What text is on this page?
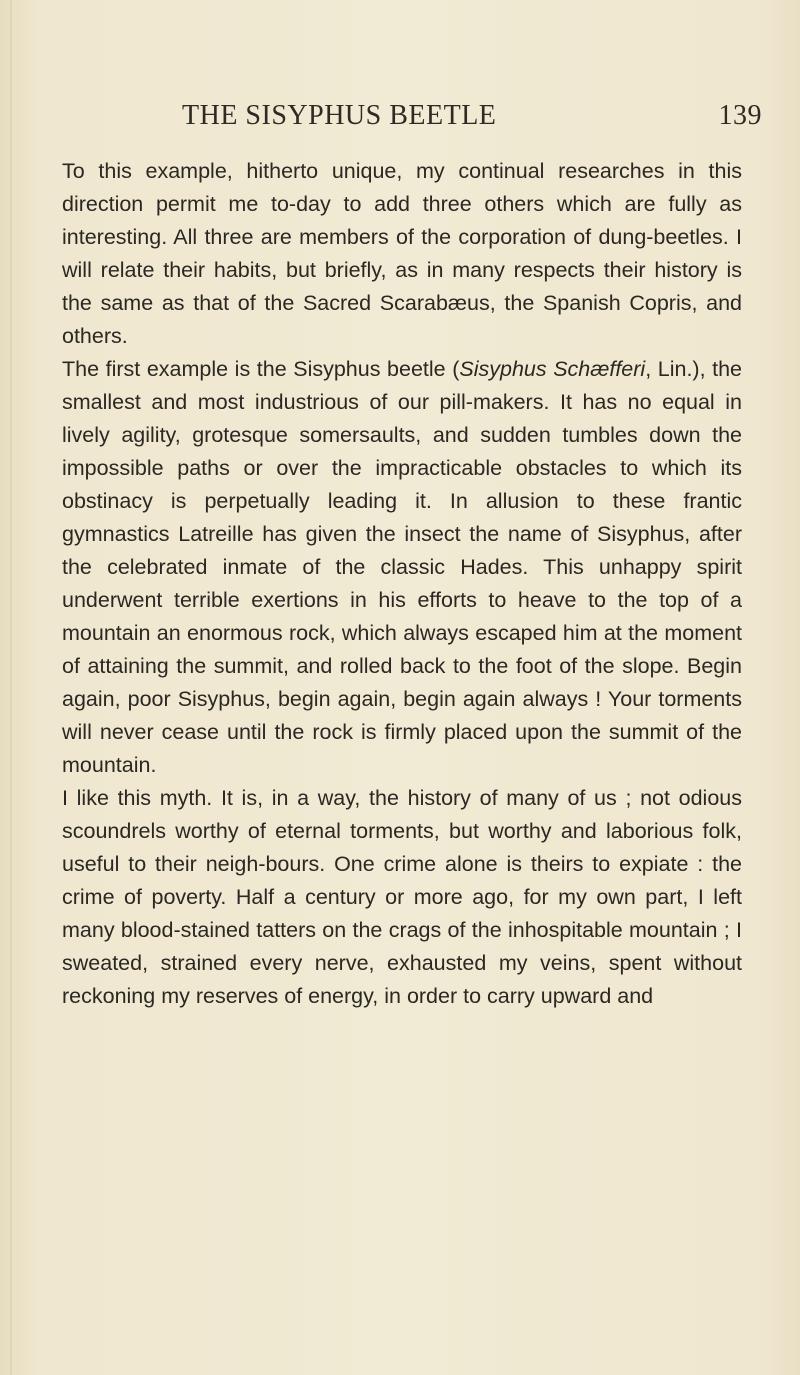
THE SISYPHUS BEETLE	139

To this example, hitherto unique, my continual researches in this direction permit me to-day to add three others which are fully as interesting. All three are members of the corporation of dung-beetles. I will relate their habits, but briefly, as in many respects their history is the same as that of the Sacred Scarabæus, the Spanish Copris, and others.

The first example is the Sisyphus beetle (Sisyphus Schæfferi, Lin.), the smallest and most industrious of our pill-makers. It has no equal in lively agility, grotesque somersaults, and sudden tumbles down the impossible paths or over the impracticable obstacles to which its obstinacy is perpetually leading it. In allusion to these frantic gymnastics Latreille has given the insect the name of Sisyphus, after the celebrated inmate of the classic Hades. This unhappy spirit underwent terrible exertions in his efforts to heave to the top of a mountain an enormous rock, which always escaped him at the moment of attaining the summit, and rolled back to the foot of the slope. Begin again, poor Sisyphus, begin again, begin again always ! Your torments will never cease until the rock is firmly placed upon the summit of the mountain.

I like this myth. It is, in a way, the history of many of us ; not odious scoundrels worthy of eternal torments, but worthy and laborious folk, useful to their neigh-bours. One crime alone is theirs to expiate : the crime of poverty. Half a century or more ago, for my own part, I left many blood-stained tatters on the crags of the inhospitable mountain ; I sweated, strained every nerve, exhausted my veins, spent without reckoning my reserves of energy, in order to carry upward and
